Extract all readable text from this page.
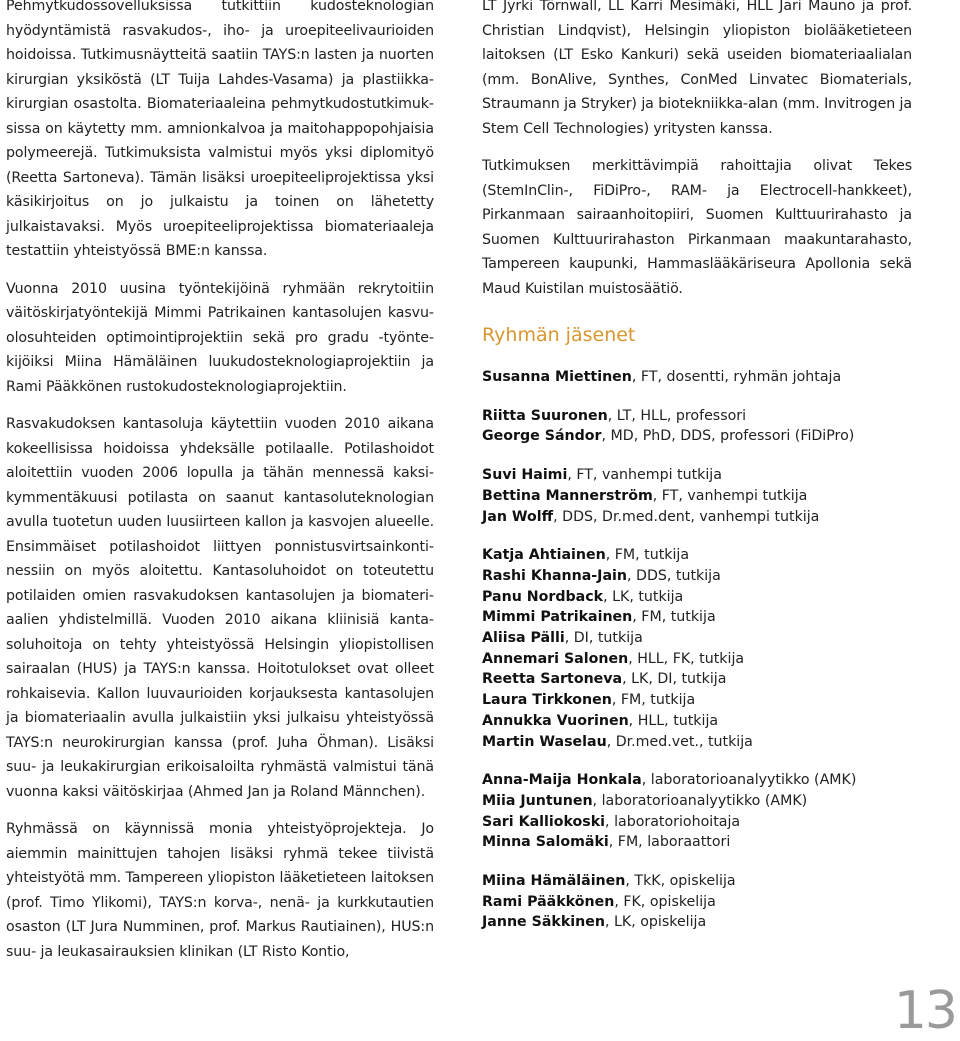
Pehmytkudossovelluksissa tutkittiin kudosteknologian hyödyntämistä rasvakudos-, iho- ja uroepiteelivaurioiden hoidoissa. Tutkimusnäytteitä saatiin TAYS:n lasten ja nuorten kirurgian yksiköstä (LT Tuija Lahdes-Vasama) ja plastiikkakirurgian osastolta. Biomateriaaleina pehmytkudostutkimuksissa on käytetty mm. amnionkalvoa ja maitohappopohjaisia polymeerejä. Tutkimuksista valmistui myös yksi diplomityö (Reetta Sartoneva). Tämän lisäksi uroepiteeliprojektissa yksi käsikirjoitus on jo julkaistu ja toinen on lähetetty julkaistavaksi. Myös uroepiteeliprojektissa biomateriaaleja testattiin yhteistyössä BME:n kanssa.

Vuonna 2010 uusina työntekijöinä ryhmään rekrytoitiin väitöskirjatyöntekijä Mimmi Patrikainen kantasolujen kasvuolosuhteiden optimointiprojektiin sekä pro gradu -työntekijöiksi Miina Hämäläinen luukudosteknologiaprojektiin ja Rami Pääkkönen rustokudosteknologiaprojektiin.

Rasvakudoksen kantasoluja käytettiin vuoden 2010 aikana kokeellisissa hoidoissa yhdeksälle potilaalle. Potilashoidot aloitettiin vuoden 2006 lopulla ja tähän mennessä kaksikymmentäkuusi potilasta on saanut kantasoluteknologian avulla tuotetun uuden luusiirteen kallon ja kasvojen alueelle. Ensimmäiset potilashoidot liittyen ponnistusvirtsainkontinessiin on myös aloitettu. Kantasoluhoidot on toteutettu potilaiden omien rasvakudoksen kantasolujen ja biomateriaalien yhdistelmillä. Vuoden 2010 aikana kliinisiä kantasoluhoitoja on tehty yhteistyössä Helsingin yliopistollisen sairaalan (HUS) ja TAYS:n kanssa. Hoitotulokset ovat olleet rohkaisevia. Kallon luuvaurioiden korjauksesta kantasolujen ja biomateriaalin avulla julkaistiin yksi julkaisu yhteistyössä TAYS:n neurokirurgian kanssa (prof. Juha Öhman). Lisäksi suu- ja leukakirurgian erikoisaloilta ryhmästä valmistui tänä vuonna kaksi väitöskirjaa (Ahmed Jan ja Roland Männchen).

Ryhmässä on käynnissä monia yhteistyöprojekteja. Jo aiemmin mainittujen tahojen lisäksi ryhmä tekee tiivistä yhteistyötä mm. Tampereen yliopiston lääketieteen laitoksen (prof. Timo Ylikomi), TAYS:n korva-, nenä- ja kurkkutautien osaston (LT Jura Numminen, prof. Markus Rautiainen), HUS:n suu- ja leukasairauksien klinikan (LT Risto Kontio,

LT Jyrki Törnwall, LL Karri Mesimäki, HLL Jari Mauno ja prof. Christian Lindqvist), Helsingin yliopiston biolääketieteen laitoksen (LT Esko Kankuri) sekä useiden biomateriaalialan (mm. BonAlive, Synthes, ConMed Linvatec Biomaterials, Straumann ja Stryker) ja biotekniikka-alan (mm. Invitrogen ja Stem Cell Technologies) yritysten kanssa.

Tutkimuksen merkittävimpiä rahoittajia olivat Tekes (StemInClin-, FiDiPro-, RAM- ja Electrocell-hankkeet), Pirkanmaan sairaanhoitopiiri, Suomen Kulttuurirahasto ja Suomen Kulttuurirahaston Pirkanmaan maakuntarahasto, Tampereen kaupunki, Hammaslääkäriseura Apollonia sekä Maud Kuistilan muistosäätiö.

Ryhmän jäsenet
Susanna Miettinen, FT, dosentti, ryhmän johtaja
Riitta Suuronen, LT, HLL, professori
George Sándor, MD, PhD, DDS, professori (FiDiPro)
Suvi Haimi, FT, vanhempi tutkija
Bettina Mannerström, FT, vanhempi tutkija
Jan Wolff, DDS, Dr.med.dent, vanhempi tutkija
Katja Ahtiainen, FM, tutkija
Rashi Khanna-Jain, DDS, tutkija
Panu Nordback, LK, tutkija
Mimmi Patrikainen, FM, tutkija
Aliisa Pälli, DI, tutkija
Annemari Salonen, HLL, FK, tutkija
Reetta Sartoneva, LK, DI, tutkija
Laura Tirkkonen, FM, tutkija
Annukka Vuorinen, HLL, tutkija
Martin Waselau, Dr.med.vet., tutkija
Anna-Maija Honkala, laboratorioanalyytikko (AMK)
Miia Juntunen, laboratorioanalyytikko (AMK)
Sari Kalliokoski, laboratoriohoitaja
Minna Salomäki, FM, laboraattori
Miina Hämäläinen, TkK, opiskelija
Rami Pääkkönen, FK, opiskelija
Janne Säkkinen, LK, opiskelija
13
